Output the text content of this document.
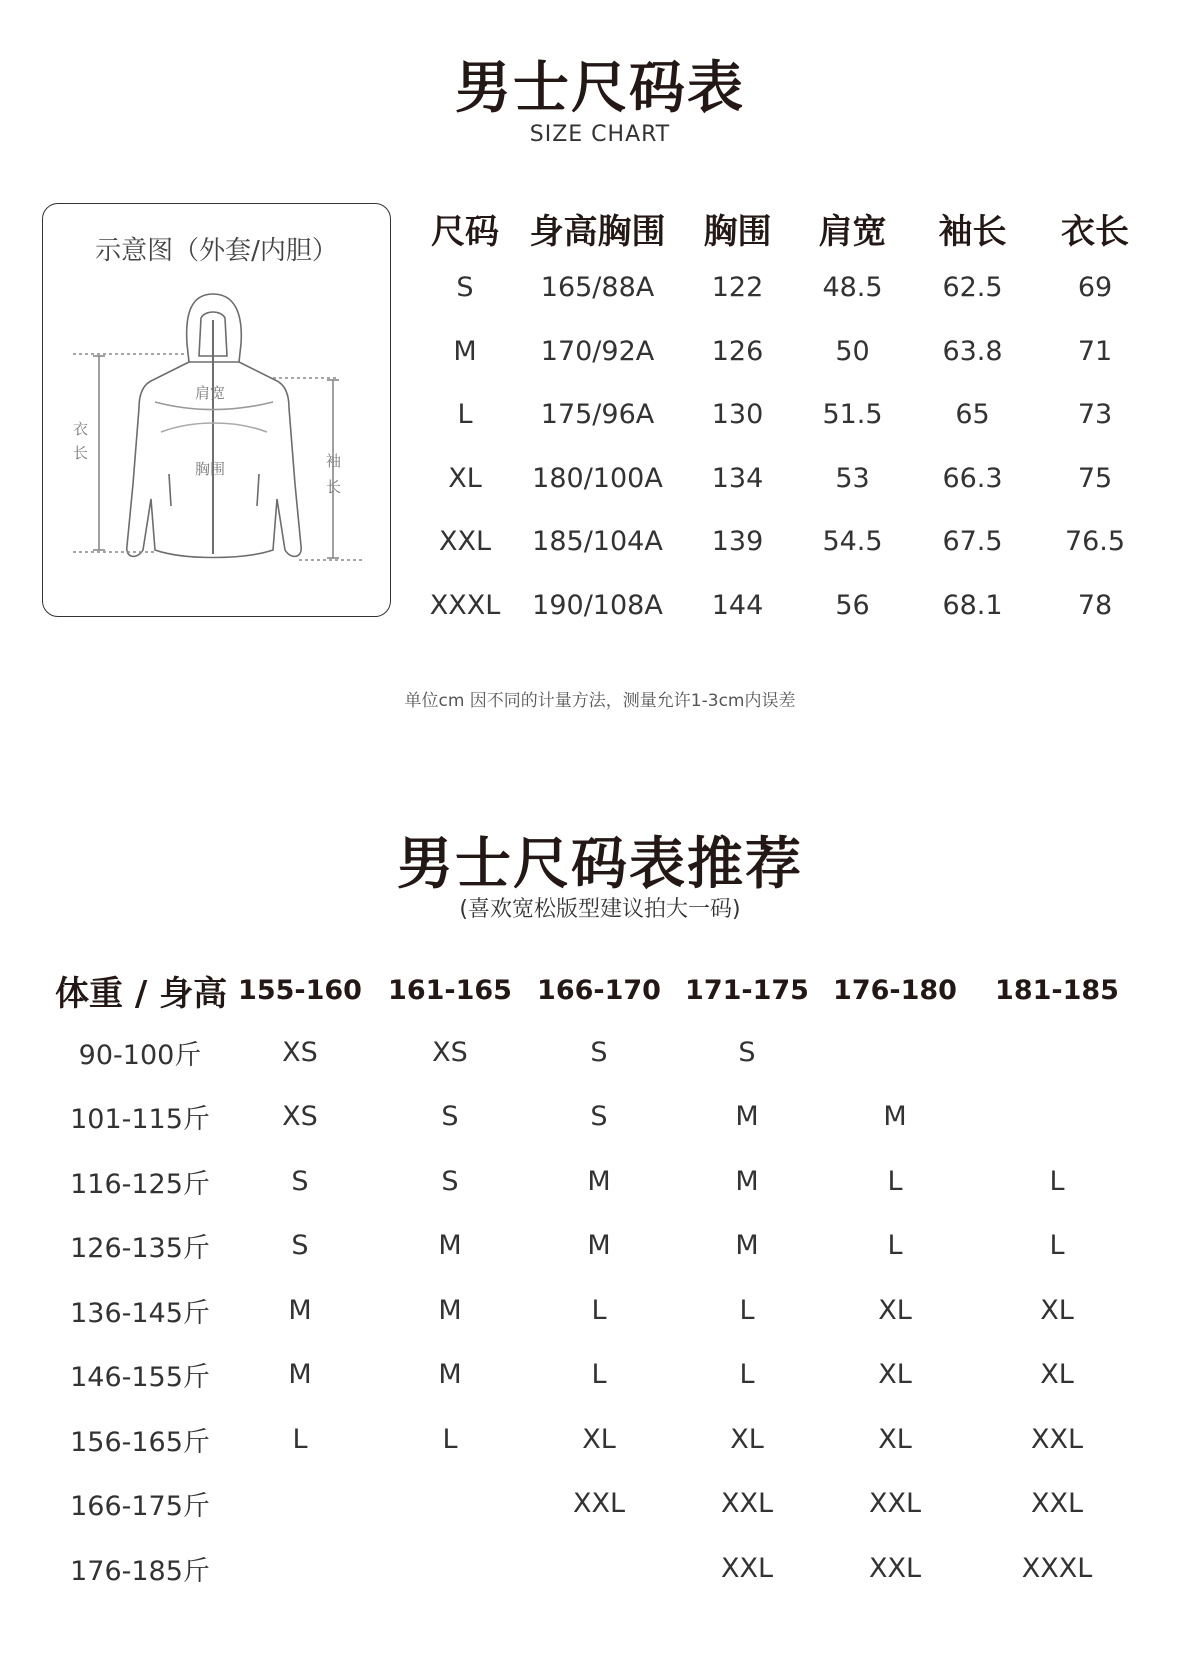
男士尺码表
SIZE CHART
示意图（外套/内胆）
肩宽
胸围
衣
长	袖
长
尺码	身高胸围	胸围	肩宽	袖长	衣长
S	165/88A	122	48.5	62.5	69
M	170/92A	126	50	63.8	71
L	175/96A	130	51.5	65	73
XL	180/100A	134	53	66.3	75
XXL	185/104A	139	54.5	67.5	76.5
XXXL	190/108A	144	56	68.1	78
单位cm 因不同的计量方法，测量允许1-3cm内误差
男士尺码表推荐
(喜欢宽松版型建议拍大一码)
体重 / 身高	155-160	161-165	166-170	171-175	176-180	181-185
90-100斤	XS	XS	S	S		
101-115斤	XS	S	S	M	M	
116-125斤	S	S	M	M	L	L
126-135斤	S	M	M	M	L	L
136-145斤	M	M	L	L	XL	XL
146-155斤	M	M	L	L	XL	XL
156-165斤	L	L	XL	XL	XL	XXL
166-175斤			XXL	XXL	XXL	XXL
176-185斤				XXL	XXL	XXXL
